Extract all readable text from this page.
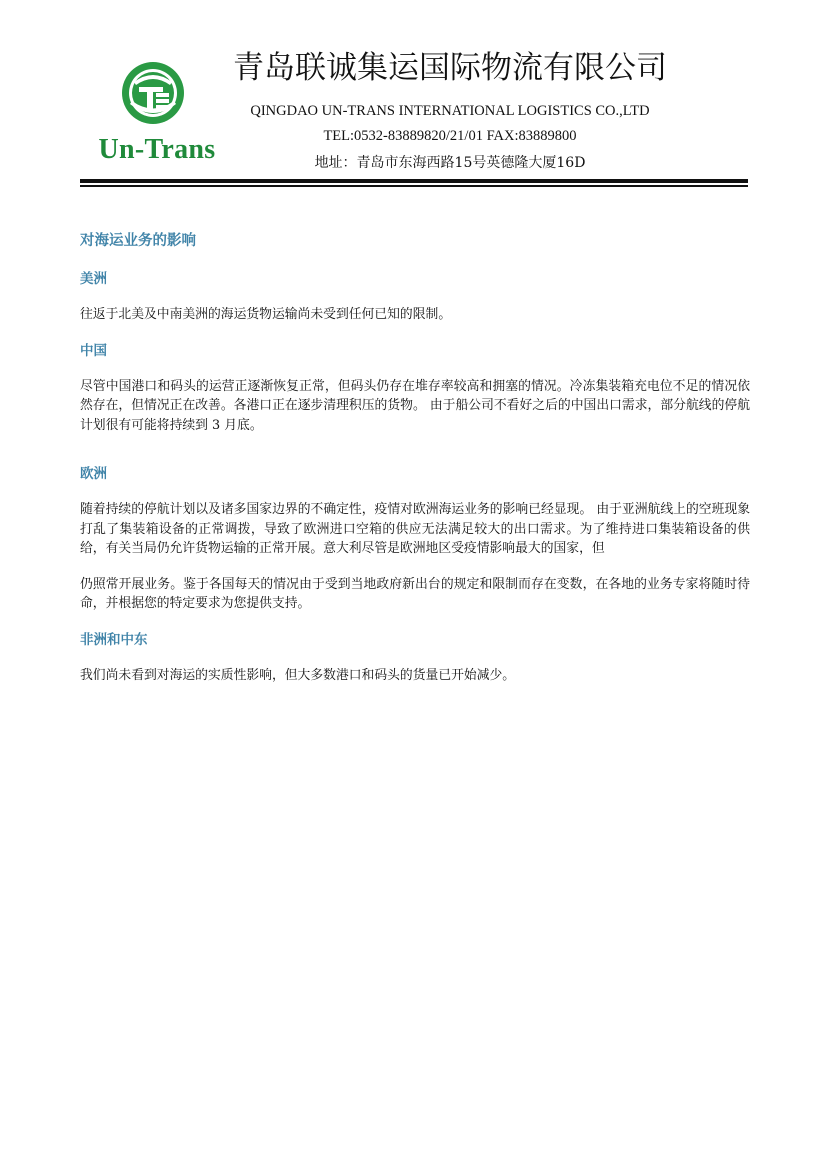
Un-Trans
青岛联诚集运国际物流有限公司
QINGDAO UN-TRANS INTERNATIONAL LOGISTICS CO.,LTD
TEL:0532-83889820/21/01 FAX:83889800
地址：青岛市东海西路15号英德隆大厦16D
对海运业务的影响
美洲

往返于北美及中南美洲的海运货物运输尚未受到任何已知的限制。

中国

尽管中国港口和码头的运营正逐渐恢复正常，但码头仍存在堆存率较高和拥塞的情况。冷冻集装箱充电位不足的情况依然存在，但情况正在改善。各港口正在逐步清理积压的货物。 由于船公司不看好之后的中国出口需求，部分航线的停航计划很有可能将持续到 3 月底。

欧洲

随着持续的停航计划以及诸多国家边界的不确定性，疫情对欧洲海运业务的影响已经显现。 由于亚洲航线上的空班现象打乱了集装箱设备的正常调拨，导致了欧洲进口空箱的供应无法满足较大的出口需求。为了维持进口集装箱设备的供给，有关当局仍允许货物运输的正常开展。意大利尽管是欧洲地区受疫情影响最大的国家，但

仍照常开展业务。鉴于各国每天的情况由于受到当地政府新出台的规定和限制而存在变数，在各地的业务专家将随时待命，并根据您的特定要求为您提供支持。

非洲和中东

我们尚未看到对海运的实质性影响，但大多数港口和码头的货量已开始减少。
